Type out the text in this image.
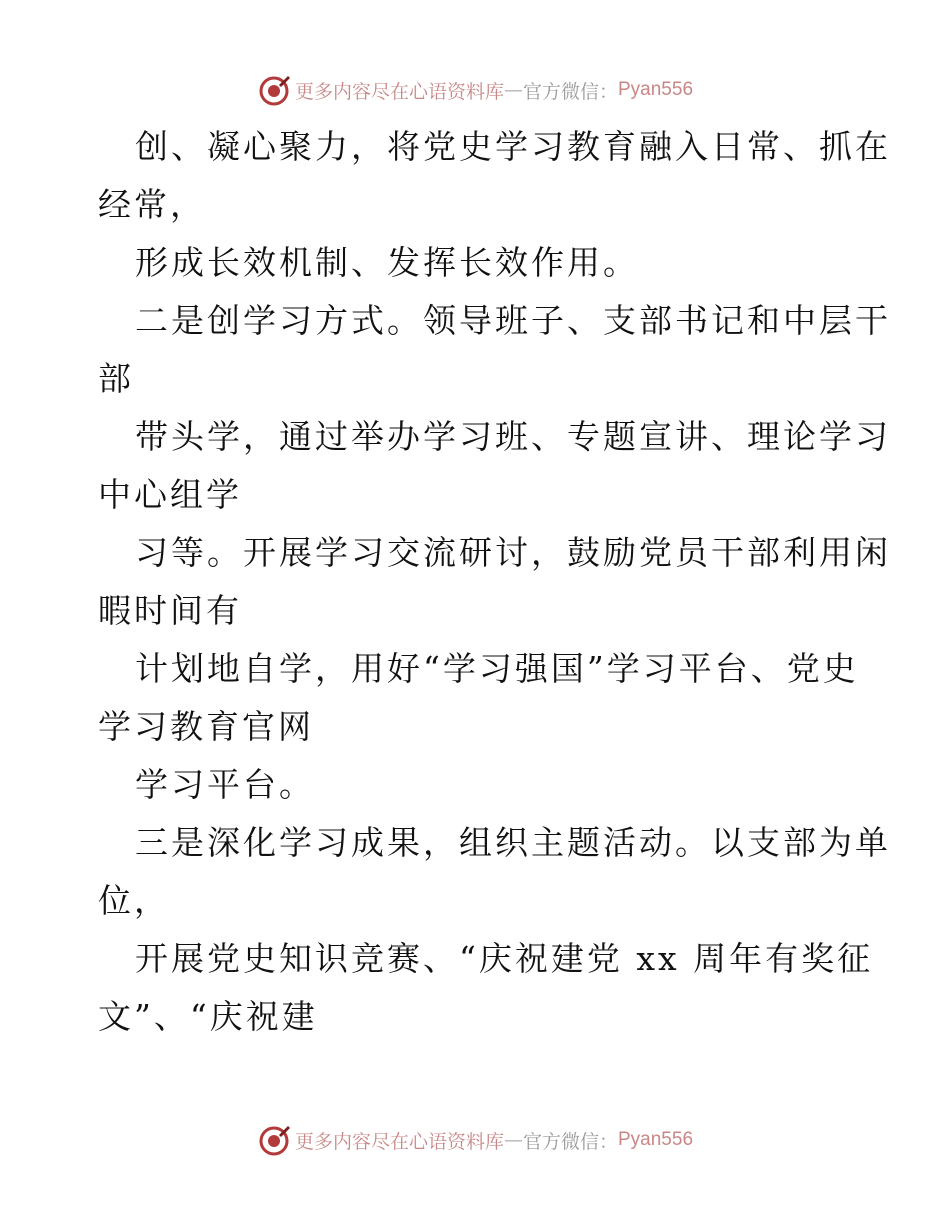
更多内容尽在心语资料库 — 官方微信： Pyan556

创、凝心聚力，将党史学习教育融入日常、抓在
经常，

形成长效机制、发挥长效作用。

二是创学习方式。领导班子、支部书记和中层干
部

带头学，通过举办学习班、专题宣讲、理论学习
中心组学

习等。开展学习交流研讨，鼓励党员干部利用闲
暇时间有

计划地自学，用好“学习强国”学习平台、党史
学习教育官网

学习平台。

三是深化学习成果，组织主题活动。以支部为单
位，

开展党史知识竞赛、“庆祝建党 xx 周年有奖征
文”、“庆祝建

更多内容尽在心语资料库 — 官方微信： Pyan556
